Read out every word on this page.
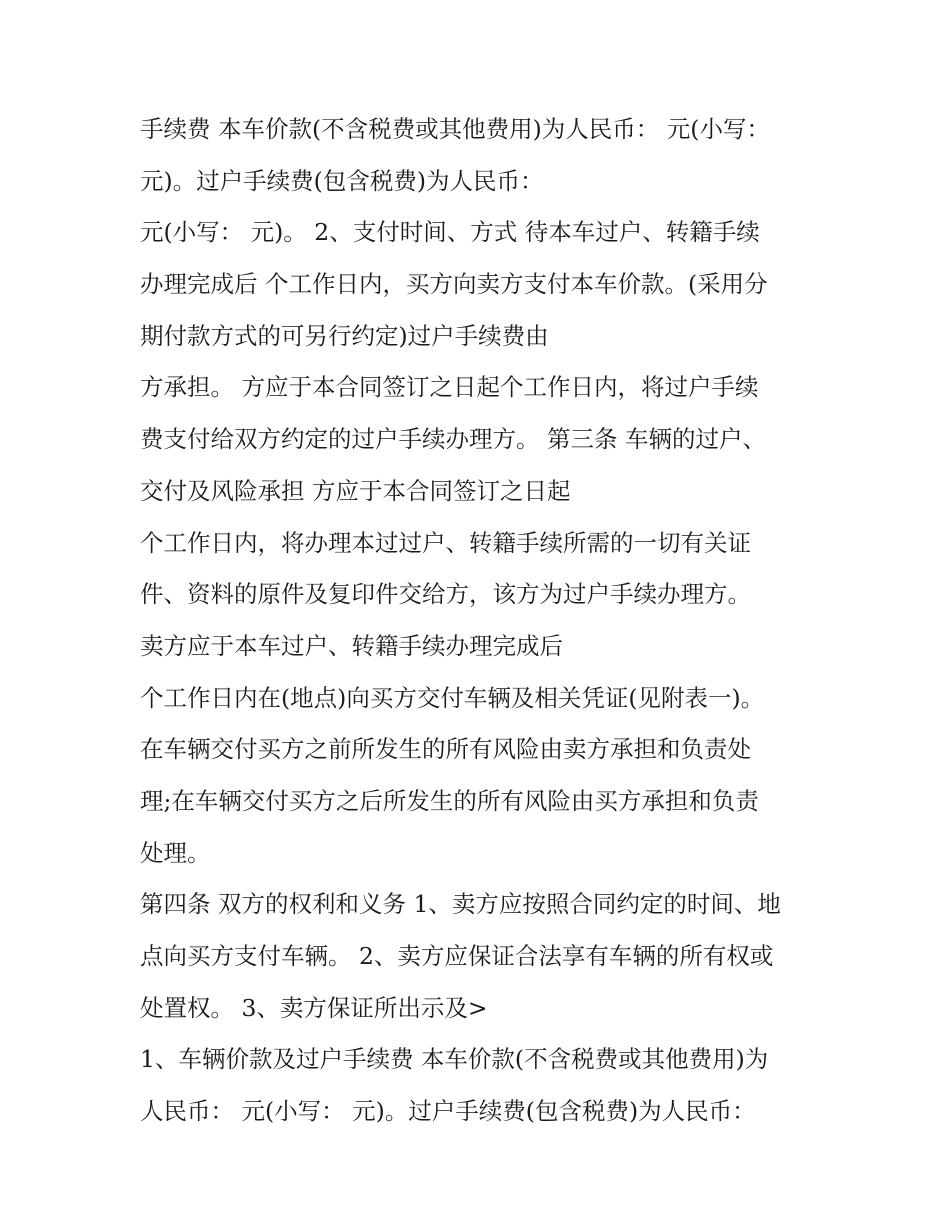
手续费 本车价款(不含税费或其他费用)为人民币： 元(小写：
元)。过户手续费(包含税费)为人民币：
元(小写： 元)。 2、支付时间、方式 待本车过户、转籍手续
办理完成后 个工作日内，买方向卖方支付本车价款。(采用分
期付款方式的可另行约定)过户手续费由
方承担。 方应于本合同签订之日起个工作日内，将过户手续
费支付给双方约定的过户手续办理方。 第三条 车辆的过户、
交付及风险承担 方应于本合同签订之日起
个工作日内，将办理本过过户、转籍手续所需的一切有关证
件、资料的原件及复印件交给方，该方为过户手续办理方。
卖方应于本车过户、转籍手续办理完成后
个工作日内在(地点)向买方交付车辆及相关凭证(见附表一)。
在车辆交付买方之前所发生的所有风险由卖方承担和负责处
理;在车辆交付买方之后所发生的所有风险由买方承担和负责
处理。
第四条 双方的权利和义务 1、卖方应按照合同约定的时间、地
点向买方支付车辆。 2、卖方应保证合法享有车辆的所有权或
处置权。 3、卖方保证所出示及>
1、车辆价款及过户手续费 本车价款(不含税费或其他费用)为
人民币： 元(小写： 元)。过户手续费(包含税费)为人民币：
